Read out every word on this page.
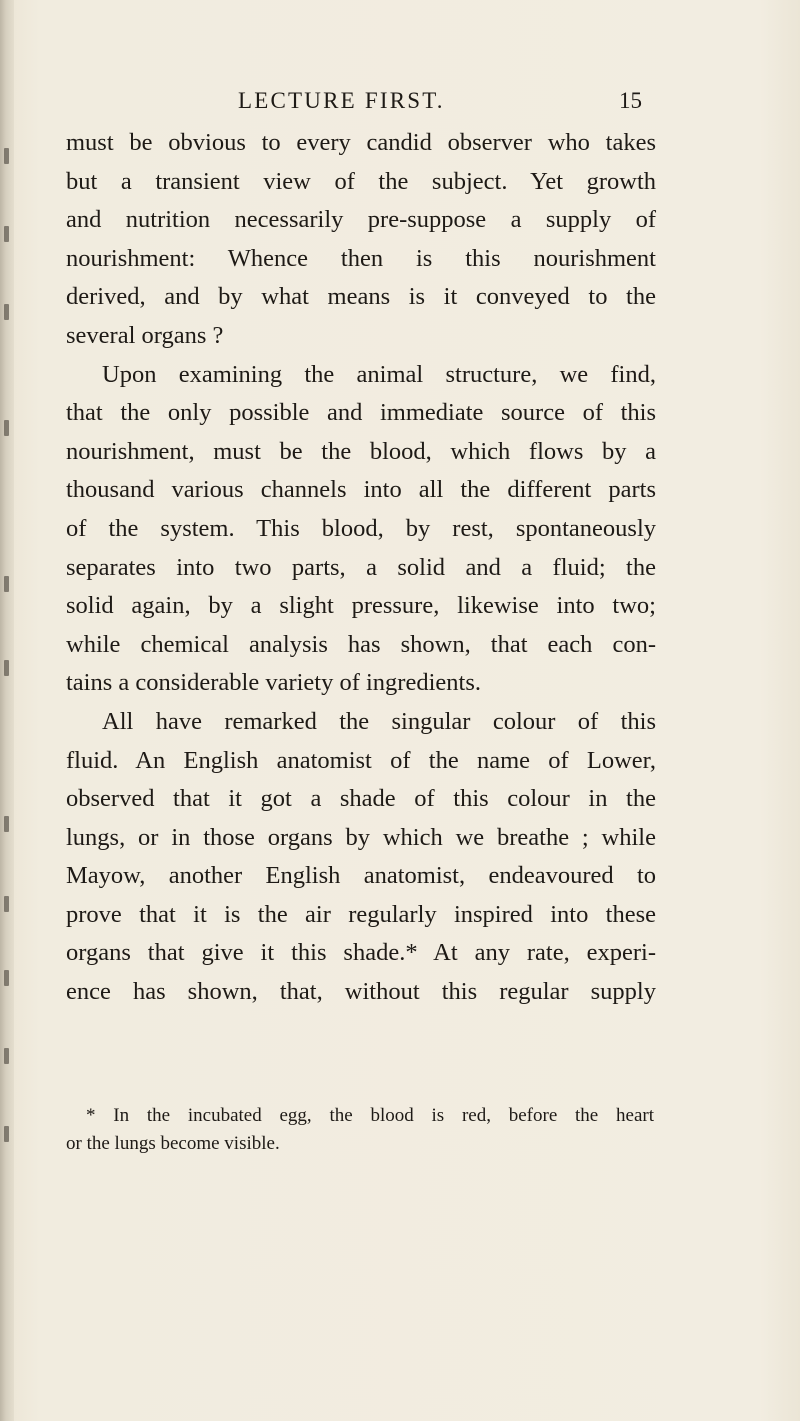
LECTURE FIRST.	15
must be obvious to every candid observer who takes
but a transient view of the subject. Yet growth
and nutrition necessarily pre-suppose a supply of
nourishment: Whence then is this nourishment
derived, and by what means is it conveyed to the
several organs ?
Upon examining the animal structure, we find,
that the only possible and immediate source of this
nourishment, must be the blood, which flows by a
thousand various channels into all the different parts
of the system. This blood, by rest, spontaneously
separates into two parts, a solid and a fluid; the
solid again, by a slight pressure, likewise into two;
while chemical analysis has shown, that each con-
tains a considerable variety of ingredients.
All have remarked the singular colour of this
fluid. An English anatomist of the name of Lower,
observed that it got a shade of this colour in the
lungs, or in those organs by which we breathe ; while
Mayow, another English anatomist, endeavoured to
prove that it is the air regularly inspired into these
organs that give it this shade.* At any rate, experi-
ence has shown, that, without this regular supply
* In the incubated egg, the blood is red, before the heart
or the lungs become visible.
